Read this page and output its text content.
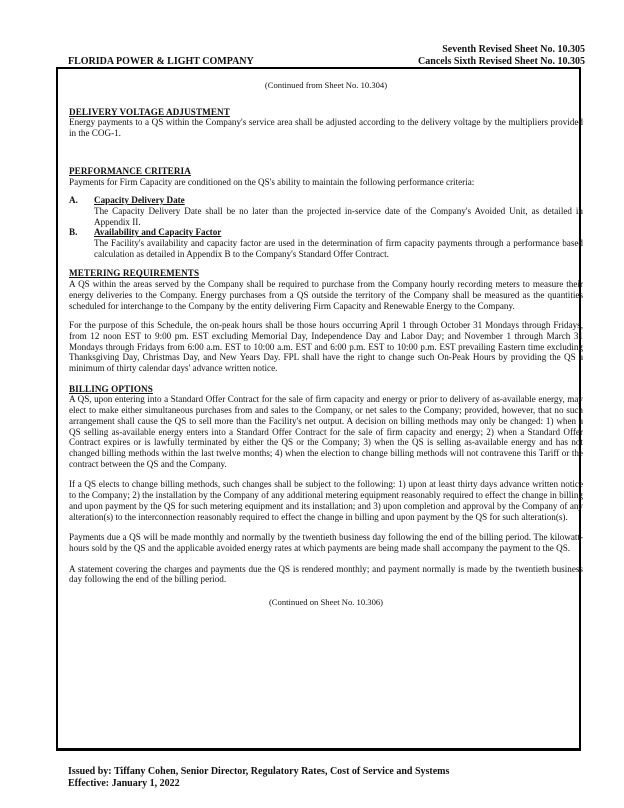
Seventh Revised Sheet No. 10.305
Cancels Sixth Revised Sheet No. 10.305
FLORIDA POWER & LIGHT COMPANY

(Continued from Sheet No. 10.304)

DELIVERY VOLTAGE ADJUSTMENT

Energy payments to a QS within the Company's service area shall be adjusted according to the delivery voltage by the multipliers provided in the COG-1.

PERFORMANCE CRITERIA

Payments for Firm Capacity are conditioned on the QS's ability to maintain the following performance criteria:

A.	Capacity Delivery Date

The Capacity Delivery Date shall be no later than the projected in-service date of the Company's Avoided Unit, as detailed in Appendix II.

B.	Availability and Capacity Factor

The Facility's availability and capacity factor are used in the determination of firm capacity payments through a performance based calculation as detailed in Appendix B to the Company's Standard Offer Contract.

METERING REQUIREMENTS

A QS within the areas served by the Company shall be required to purchase from the Company hourly recording meters to measure their energy deliveries to the Company. Energy purchases from a QS outside the territory of the Company shall be measured as the quantities scheduled for interchange to the Company by the entity delivering Firm Capacity and Renewable Energy to the Company.

For the purpose of this Schedule, the on-peak hours shall be those hours occurring April 1 through October 31 Mondays through Fridays, from 12 noon EST to 9:00 pm. EST excluding Memorial Day, Independence Day and Labor Day; and November 1 through March 31 Mondays through Fridays from 6:00 a.m. EST to 10:00 a.m. EST and 6:00 p.m. EST to 10:00 p.m. EST prevailing Eastern time excluding Thanksgiving Day, Christmas Day, and New Years Day. FPL shall have the right to change such On-Peak Hours by providing the QS a minimum of thirty calendar days' advance written notice.

BILLING OPTIONS

A QS, upon entering into a Standard Offer Contract for the sale of firm capacity and energy or prior to delivery of as-available energy, may elect to make either simultaneous purchases from and sales to the Company, or net sales to the Company; provided, however, that no such arrangement shall cause the QS to sell more than the Facility's net output. A decision on billing methods may only be changed: 1) when a QS selling as-available energy enters into a Standard Offer Contract for the sale of firm capacity and energy; 2) when a Standard Offer Contract expires or is lawfully terminated by either the QS or the Company; 3) when the QS is selling as-available energy and has not changed billing methods within the last twelve months; 4) when the election to change billing methods will not contravene this Tariff or the contract between the QS and the Company.

If a QS elects to change billing methods, such changes shall be subject to the following: 1) upon at least thirty days advance written notice to the Company; 2) the installation by the Company of any additional metering equipment reasonably required to effect the change in billing and upon payment by the QS for such metering equipment and its installation; and 3) upon completion and approval by the Company of any alteration(s) to the interconnection reasonably required to effect the change in billing and upon payment by the QS for such alteration(s).

Payments due a QS will be made monthly and normally by the twentieth business day following the end of the billing period. The kilowatt-hours sold by the QS and the applicable avoided energy rates at which payments are being made shall accompany the payment to the QS.

A statement covering the charges and payments due the QS is rendered monthly; and payment normally is made by the twentieth business day following the end of the billing period.

(Continued on Sheet No. 10.306)

Issued by: Tiffany Cohen, Senior Director, Regulatory Rates, Cost of Service and Systems
Effective: January 1, 2022
